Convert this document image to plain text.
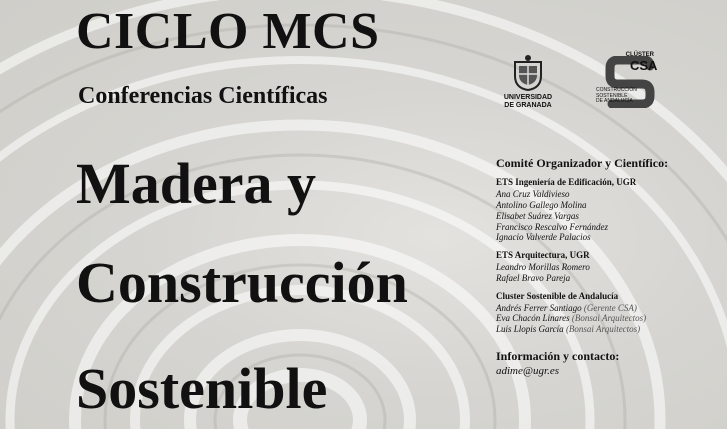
CICLO MCS
Conferencias Científicas
Madera y
Construcción
Sostenible
UNIVERSIDAD
DE GRANADA
CLÚSTER
CSA
CONSTRUCCIÓN
SOSTENIBLE
DE ANDALUCÍA

Comité Organizador y Científico:

ETS Ingeniería de Edificación, UGR
Ana Cruz Valdivieso
Antolino Gallego Molina
Elisabet Suárez Vargas
Francisco Rescalvo Fernández
Ignacio Valverde Palacios
ETS Arquitectura, UGR
Leandro Morillas Romero
Rafael Bravo Pareja
Cluster Sostenible de Andalucía
Andrés Ferrer Santiago (Gerente CSA)
Eva Chacón Linares (Bonsai Arquitectos)
Luis Llopis García (Bonsai Arquitectos)

Información y contacto:

adime@ugr.es
